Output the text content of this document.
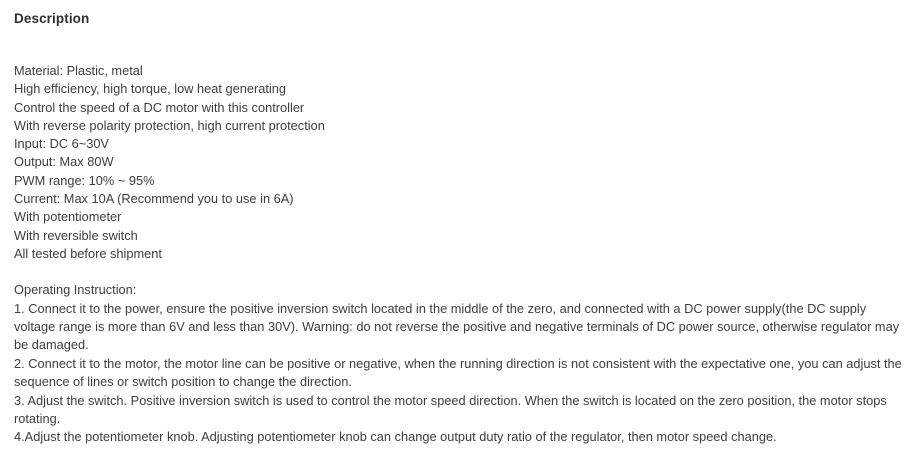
Description
Material: Plastic, metal
High efficiency, high torque, low heat generating
Control the speed of a DC motor with this controller
With reverse polarity protection, high current protection
Input: DC 6~30V
Output: Max 80W
PWM range: 10% ~ 95%
Current: Max 10A (Recommend you to use in 6A)
With potentiometer
With reversible switch
All tested before shipment
Operating Instruction:
1. Connect it to the power, ensure the positive inversion switch located in the middle of the zero, and connected with a DC power supply(the DC supply voltage range is more than 6V and less than 30V). Warning: do not reverse the positive and negative terminals of DC power source, otherwise regulator may be damaged.
2. Connect it to the motor, the motor line can be positive or negative, when the running direction is not consistent with the expectative one, you can adjust the sequence of lines or switch position to change the direction.
3. Adjust the switch. Positive inversion switch is used to control the motor speed direction. When the switch is located on the zero position, the motor stops rotating.
4.Adjust the potentiometer knob. Adjusting potentiometer knob can change output duty ratio of the regulator, then motor speed change.
